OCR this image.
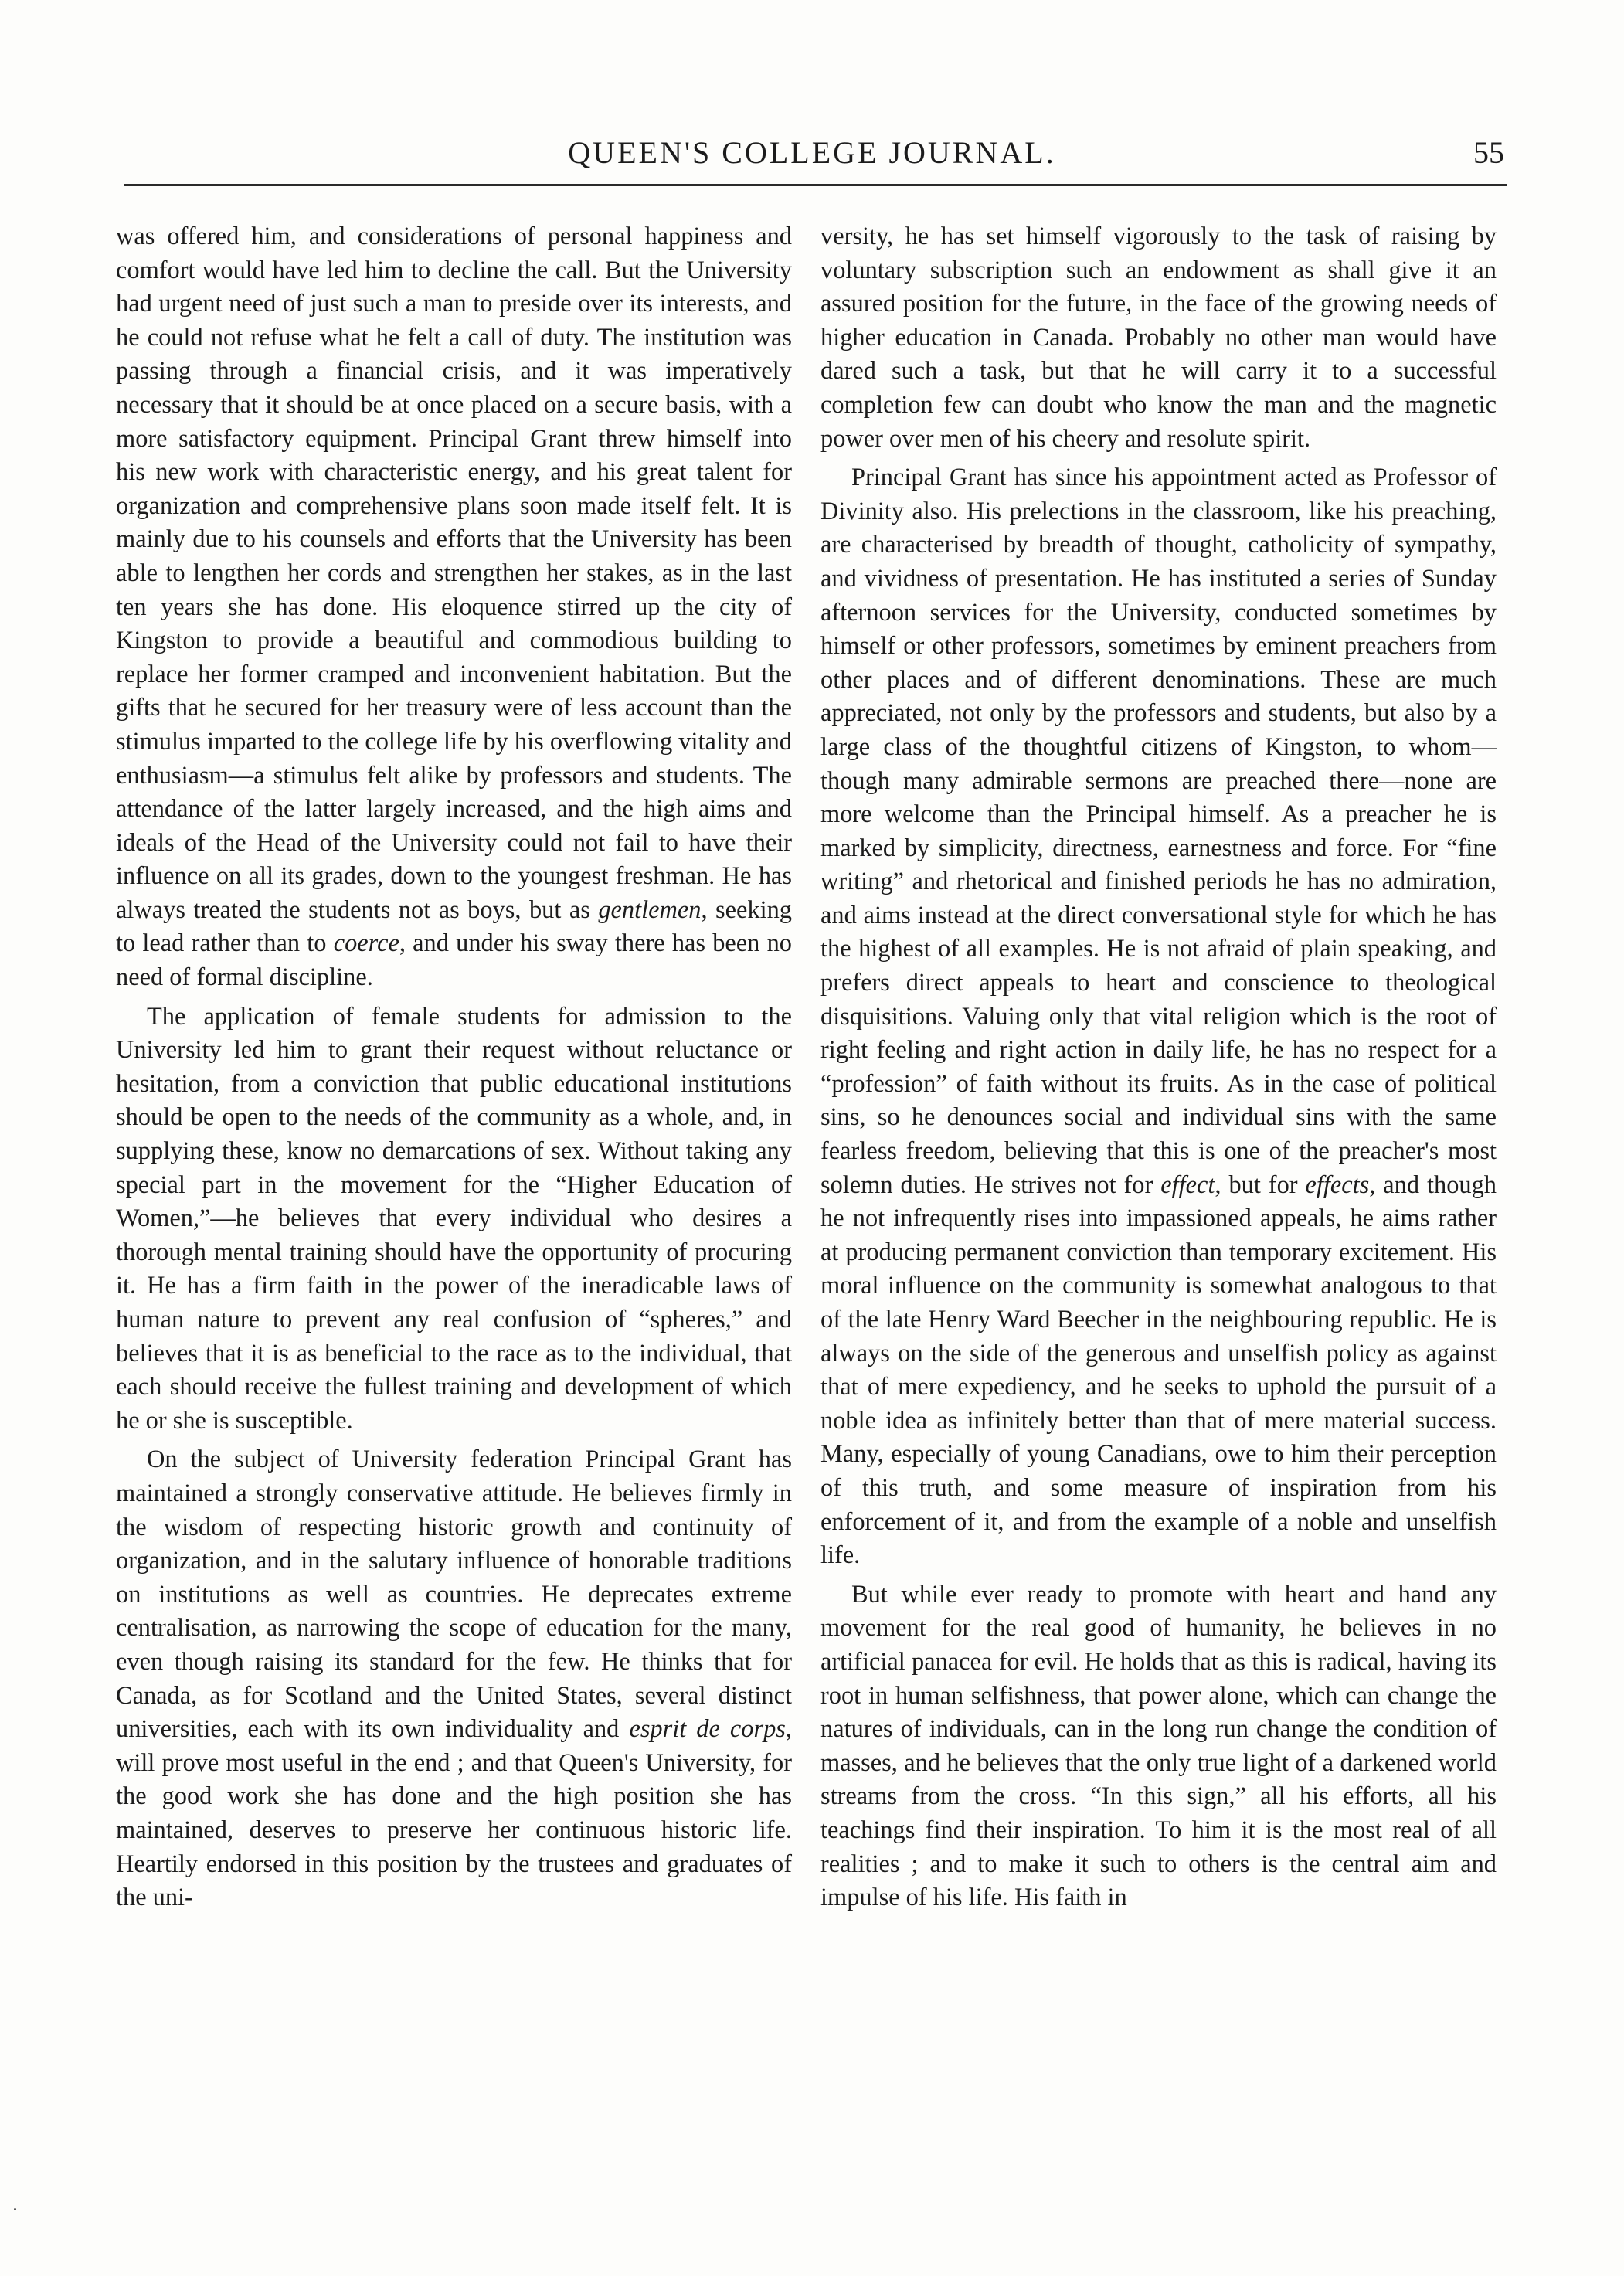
QUEEN'S COLLEGE JOURNAL.	55

was offered him, and considerations of personal happiness and comfort would have led him to decline the call. But the University had urgent need of just such a man to preside over its interests, and he could not refuse what he felt a call of duty. The institution was passing through a financial crisis, and it was imperatively necessary that it should be at once placed on a secure basis, with a more satisfactory equipment. Principal Grant threw himself into his new work with characteristic energy, and his great talent for organization and comprehensive plans soon made itself felt. It is mainly due to his counsels and efforts that the University has been able to lengthen her cords and strengthen her stakes, as in the last ten years she has done. His eloquence stirred up the city of Kingston to provide a beautiful and commodious building to replace her former cramped and inconvenient habitation. But the gifts that he secured for her treasury were of less account than the stimulus imparted to the college life by his overflowing vitality and enthusiasm—a stimulus felt alike by professors and students. The attendance of the latter largely increased, and the high aims and ideals of the Head of the University could not fail to have their influence on all its grades, down to the youngest freshman. He has always treated the students not as boys, but as gentlemen, seeking to lead rather than to coerce, and under his sway there has been no need of formal discipline.

The application of female students for admission to the University led him to grant their request without reluctance or hesitation, from a conviction that public educational institutions should be open to the needs of the community as a whole, and, in supplying these, know no demarcations of sex. Without taking any special part in the movement for the “Higher Education of Women,”—he believes that every individual who desires a thorough mental training should have the opportunity of procuring it. He has a firm faith in the power of the ineradicable laws of human nature to prevent any real confusion of “spheres,” and believes that it is as beneficial to the race as to the individual, that each should receive the fullest training and development of which he or she is susceptible.

On the subject of University federation Principal Grant has maintained a strongly conservative attitude. He believes firmly in the wisdom of respecting historic growth and continuity of organization, and in the salutary influence of honorable traditions on institutions as well as countries. He deprecates extreme centralisation, as narrowing the scope of education for the many, even though raising its standard for the few. He thinks that for Canada, as for Scotland and the United States, several distinct universities, each with its own individuality and esprit de corps, will prove most useful in the end ; and that Queen's University, for the good work she has done and the high position she has maintained, deserves to preserve her continuous historic life. Heartily endorsed in this position by the trustees and graduates of the uni-

versity, he has set himself vigorously to the task of raising by voluntary subscription such an endowment as shall give it an assured position for the future, in the face of the growing needs of higher education in Canada. Probably no other man would have dared such a task, but that he will carry it to a successful completion few can doubt who know the man and the magnetic power over men of his cheery and resolute spirit.

Principal Grant has since his appointment acted as Professor of Divinity also. His prelections in the classroom, like his preaching, are characterised by breadth of thought, catholicity of sympathy, and vividness of presentation. He has instituted a series of Sunday afternoon services for the University, conducted sometimes by himself or other professors, sometimes by eminent preachers from other places and of different denominations. These are much appreciated, not only by the professors and students, but also by a large class of the thoughtful citizens of Kingston, to whom—though many admirable sermons are preached there—none are more welcome than the Principal himself. As a preacher he is marked by simplicity, directness, earnestness and force. For “fine writing” and rhetorical and finished periods he has no admiration, and aims instead at the direct conversational style for which he has the highest of all examples. He is not afraid of plain speaking, and prefers direct appeals to heart and conscience to theological disquisitions. Valuing only that vital religion which is the root of right feeling and right action in daily life, he has no respect for a “profession” of faith without its fruits. As in the case of political sins, so he denounces social and individual sins with the same fearless freedom, believing that this is one of the preacher's most solemn duties. He strives not for effect, but for effects, and though he not infrequently rises into impassioned appeals, he aims rather at producing permanent conviction than temporary excitement. His moral influence on the community is somewhat analogous to that of the late Henry Ward Beecher in the neighbouring republic. He is always on the side of the generous and unselfish policy as against that of mere expediency, and he seeks to uphold the pursuit of a noble idea as infinitely better than that of mere material success. Many, especially of young Canadians, owe to him their perception of this truth, and some measure of inspiration from his enforcement of it, and from the example of a noble and unselfish life.

But while ever ready to promote with heart and hand any movement for the real good of humanity, he believes in no artificial panacea for evil. He holds that as this is radical, having its root in human selfishness, that power alone, which can change the natures of individuals, can in the long run change the condition of masses, and he believes that the only true light of a darkened world streams from the cross. “In this sign,” all his efforts, all his teachings find their inspiration. To him it is the most real of all realities ; and to make it such to others is the central aim and impulse of his life. His faith in
